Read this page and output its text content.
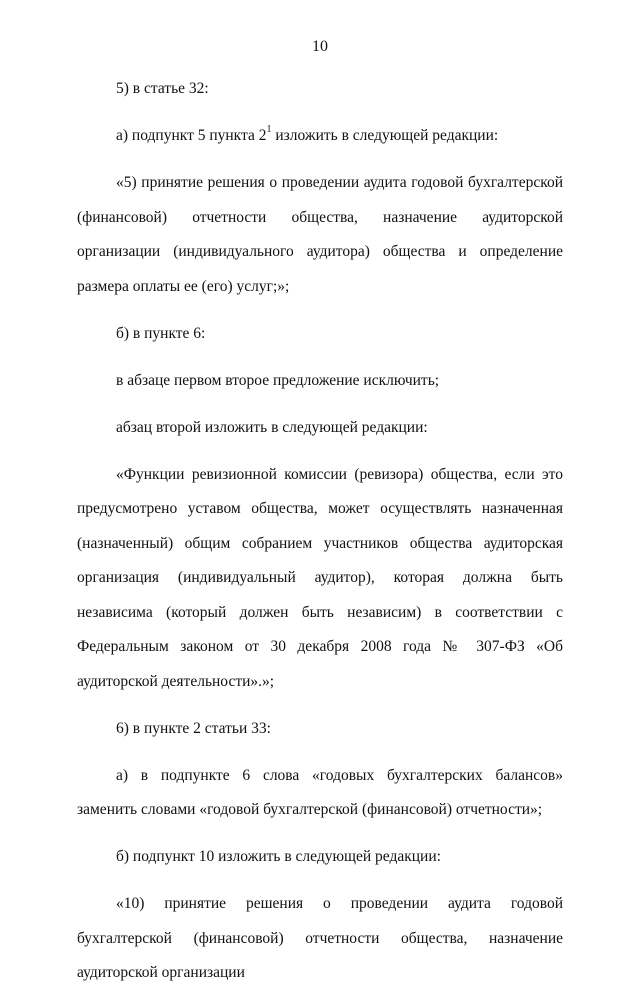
10

5) в статье 32:

а) подпункт 5 пункта $2^1$ изложить в следующей редакции:

«5) принятие решения о проведении аудита годовой бухгалтерской (финансовой) отчетности общества, назначение аудиторской организации (индивидуального аудитора) общества и определение размера оплаты ее (его) услуг;»;

б) в пункте 6:

в абзаце первом второе предложение исключить;

абзац второй изложить в следующей редакции:

«Функции ревизионной комиссии (ревизора) общества, если это предусмотрено уставом общества, может осуществлять назначенная (назначенный) общим собранием участников общества аудиторская организация (индивидуальный аудитор), которая должна быть независима (который должен быть независим) в соответствии с Федеральным законом от 30 декабря 2008 года № 307-ФЗ «Об аудиторской деятельности».»;

6) в пункте 2 статьи 33:

а) в подпункте 6 слова «годовых бухгалтерских балансов» заменить словами «годовой бухгалтерской (финансовой) отчетности»;

б) подпункт 10 изложить в следующей редакции:

«10) принятие решения о проведении аудита годовой бухгалтерской (финансовой) отчетности общества, назначение аудиторской организации
